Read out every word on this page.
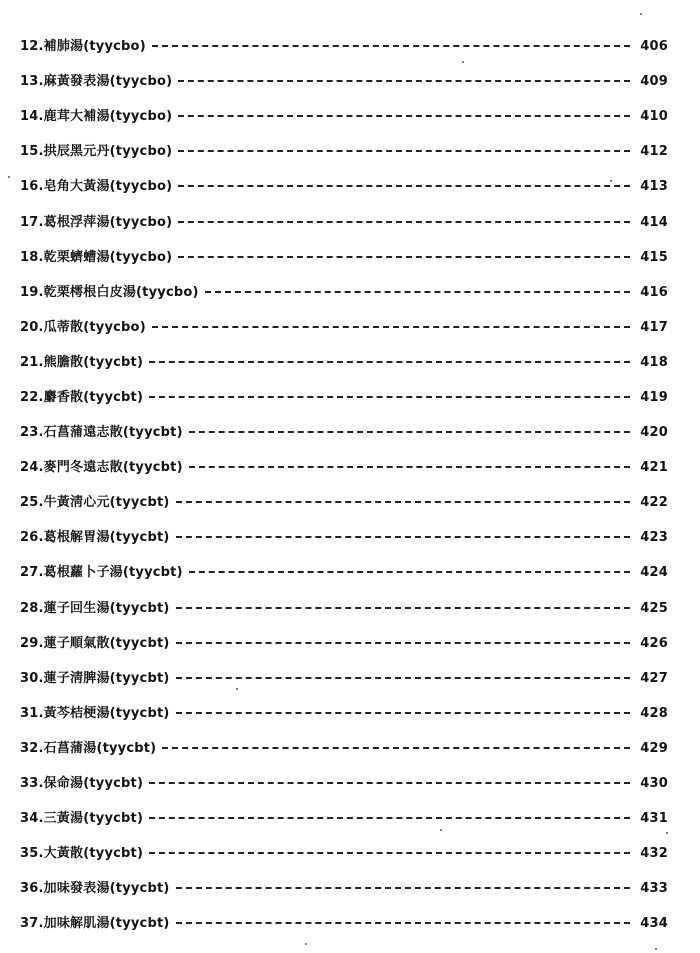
12.補肺湯(tyycbo)	406
13.麻黃發表湯(tyycbo)	409
14.鹿茸大補湯(tyycbo)	410
15.拱辰黑元丹(tyycbo)	412
16.皂角大黃湯(tyycbo)	413
17.葛根浮萍湯(tyycbo)	414
18.乾栗蠐螬湯(tyycbo)	415
19.乾栗樗根白皮湯(tyycbo)	416
20.瓜蒂散(tyycbo)	417
21.熊膽散(tyycbt)	418
22.麝香散(tyycbt)	419
23.石菖蒲遠志散(tyycbt)	420
24.麥門冬遠志散(tyycbt)	421
25.牛黃淸心元(tyycbt)	422
26.葛根解胃湯(tyycbt)	423
27.葛根蘿卜子湯(tyycbt)	424
28.蓮子回生湯(tyycbt)	425
29.蓮子順氣散(tyycbt)	426
30.蓮子淸脾湯(tyycbt)	427
31.黃芩桔梗湯(tyycbt)	428
32.石菖蒲湯(tyycbt)	429
33.保命湯(tyycbt)	430
34.三黃湯(tyycbt)	431
35.大黃散(tyycbt)	432
36.加味發表湯(tyycbt)	433
37.加味解肌湯(tyycbt)	434
